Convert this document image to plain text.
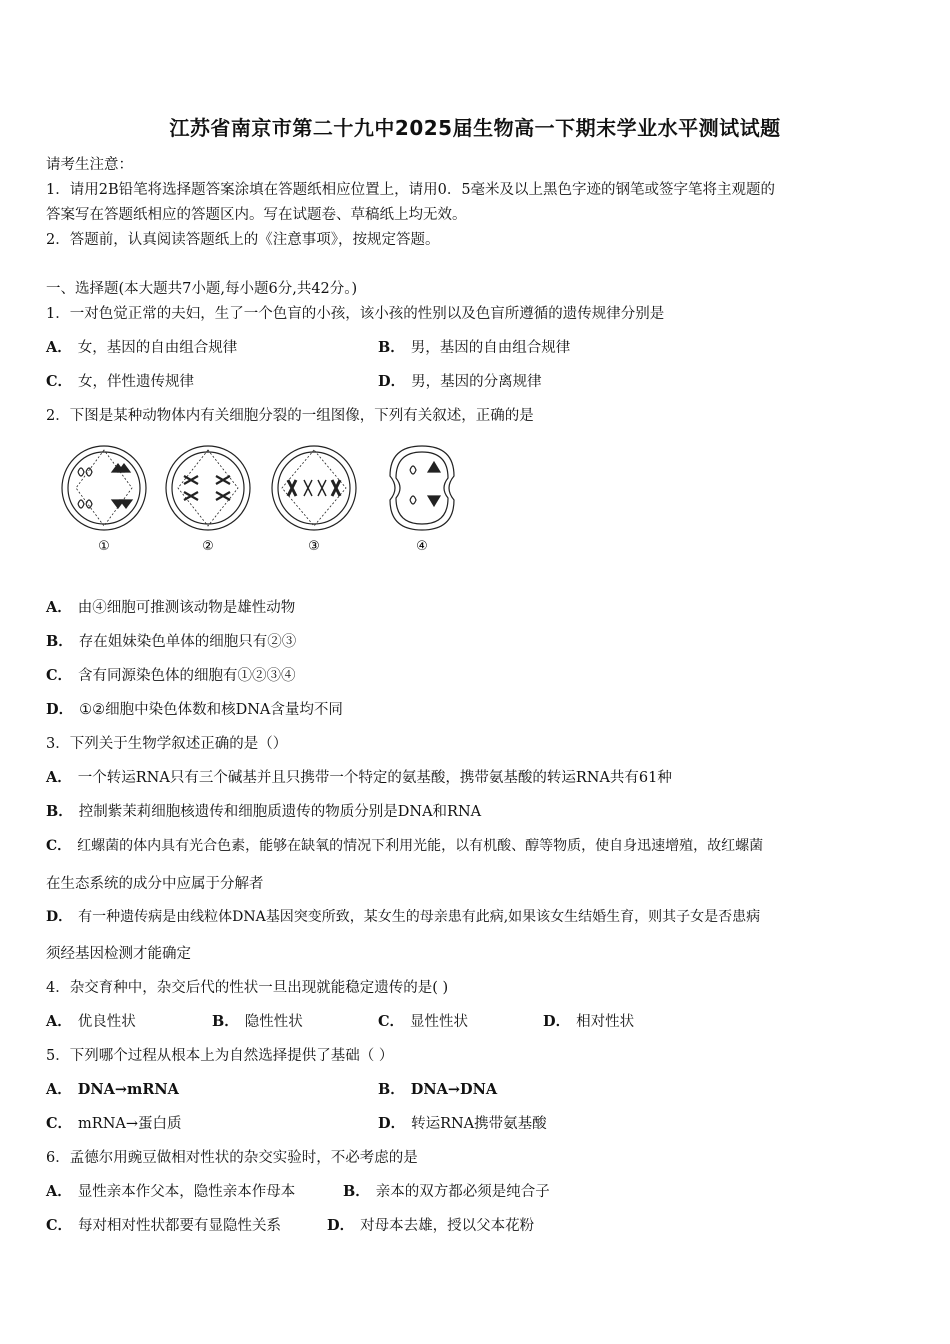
江苏省南京市第二十九中2025届生物高一下期末学业水平测试试题
请考生注意：
1．请用2B铅笔将选择题答案涂填在答题纸相应位置上，请用0．5毫米及以上黑色字迹的钢笔或签字笔将主观题的
答案写在答题纸相应的答题区内。写在试题卷、草稿纸上均无效。
2．答题前，认真阅读答题纸上的《注意事项》，按规定答题。
一、选择题(本大题共7小题,每小题6分,共42分。)
1．一对色觉正常的夫妇，生了一个色盲的小孩，该小孩的性别以及色盲所遵循的遗传规律分别是
A． 女，基因的自由组合规律	B． 男，基因的自由组合规律
C． 女，伴性遗传规律	D． 男，基因的分离规律
2．下图是某种动物体内有关细胞分裂的一组图像，下列有关叙述，正确的是
①	②	③	④
A． 由④细胞可推测该动物是雄性动物
B． 存在姐妹染色单体的细胞只有②③
C． 含有同源染色体的细胞有①②③④
D． ①②细胞中染色体数和核DNA含量均不同
3．下列关于生物学叙述正确的是（）
A． 一个转运RNA只有三个碱基并且只携带一个特定的氨基酸，携带氨基酸的转运RNA共有61种
B． 控制紫茉莉细胞核遗传和细胞质遗传的物质分别是DNA和RNA
C． 红螺菌的体内具有光合色素，能够在缺氧的情况下利用光能，以有机酸、醇等物质，使自身迅速增殖，故红螺菌
在生态系统的成分中应属于分解者
D． 有一种遗传病是由线粒体DNA基因突变所致，某女生的母亲患有此病,如果该女生结婚生育，则其子女是否患病
须经基因检测才能确定
4．杂交育种中，杂交后代的性状一旦出现就能稳定遗传的是( )
A． 优良性状	B． 隐性性状	C． 显性性状	D． 相对性状
5．下列哪个过程从根本上为自然选择提供了基础（ ）
A． DNA→mRNA	B． DNA→DNA
C． mRNA→蛋白质	D． 转运RNA携带氨基酸
6．孟德尔用豌豆做相对性状的杂交实验时，不必考虑的是
A． 显性亲本作父本，隐性亲本作母本	B． 亲本的双方都必须是纯合子
C． 每对相对性状都要有显隐性关系	D． 对母本去雄，授以父本花粉
